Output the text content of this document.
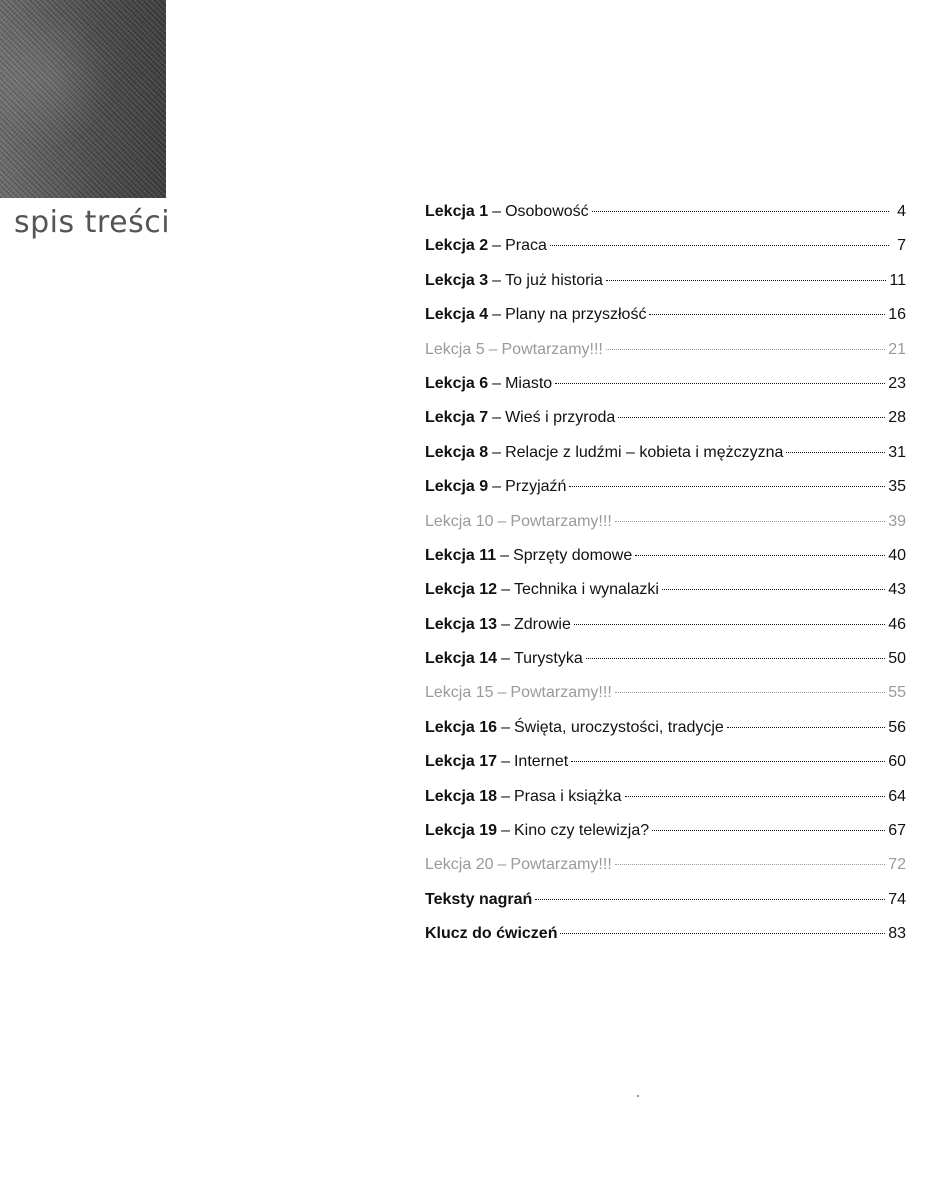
spis treści	Lekcja 1 – Osobowość	4
Lekcja 2 – Praca	7
Lekcja 3 – To już historia	11
Lekcja 4 – Plany na przyszłość	16
Lekcja 5 – Powtarzamy!!!	21
Lekcja 6 – Miasto	23
Lekcja 7 – Wieś i przyroda	28
Lekcja 8 – Relacje z ludźmi – kobieta i mężczyzna	31
Lekcja 9 – Przyjaźń	35
Lekcja 10 – Powtarzamy!!!	39
Lekcja 11 – Sprzęty domowe	40
Lekcja 12 – Technika i wynalazki	43
Lekcja 13 – Zdrowie	46
Lekcja 14 – Turystyka	50
Lekcja 15 – Powtarzamy!!!	55
Lekcja 16 – Święta, uroczystości, tradycje	56
Lekcja 17 – Internet	60
Lekcja 18 – Prasa i książka	64
Lekcja 19 – Kino czy telewizja?	67
Lekcja 20 – Powtarzamy!!!	72
Teksty nagrań	74
Klucz do ćwiczeń	83
